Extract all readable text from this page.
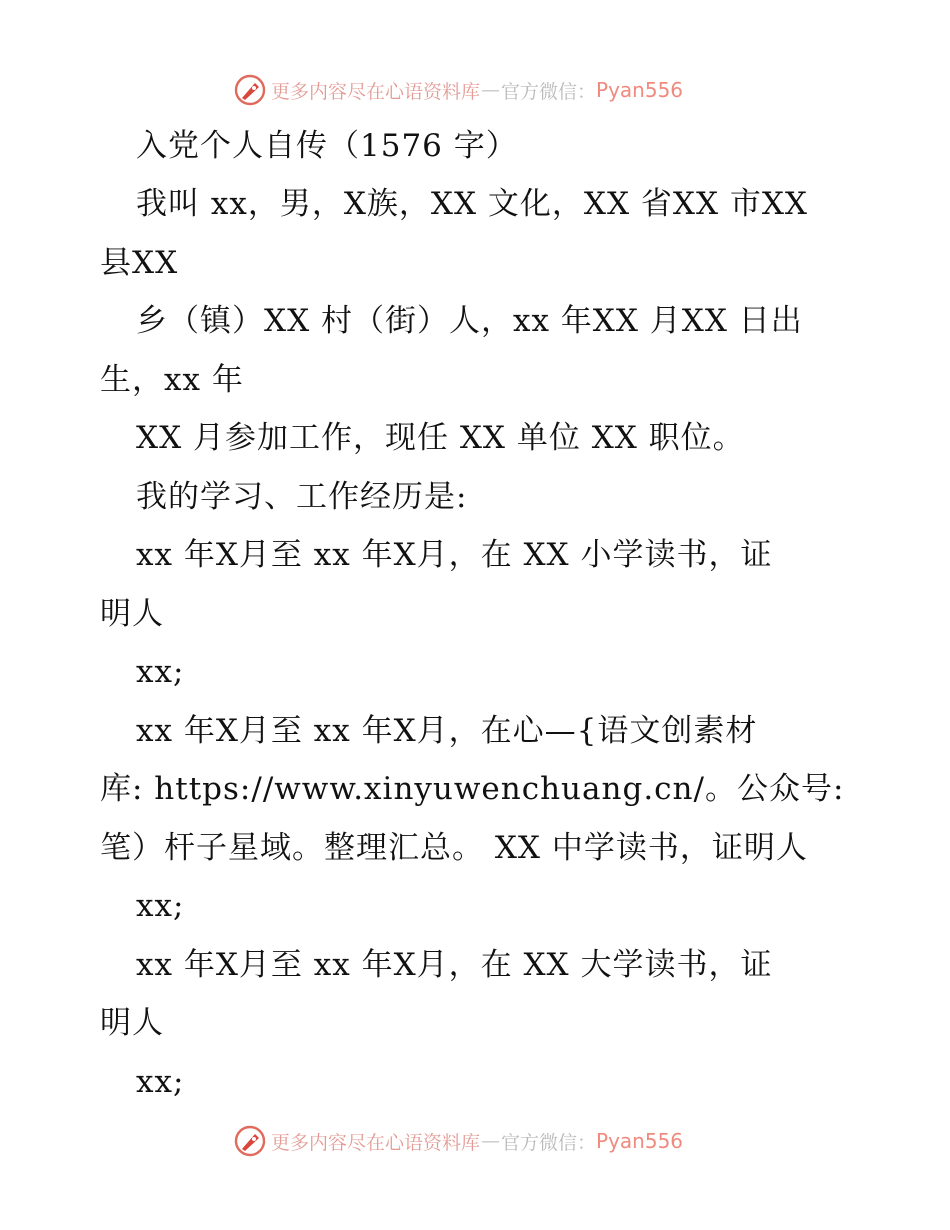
更多内容尽在心语资料库 — 官方微信： Pyan556
入党个人自传（1576 字）
我叫 xx，男，X族，XX 文化，XX 省XX 市XX
县XX
乡（镇）XX 村（街）人，xx 年XX 月XX 日出
生，xx 年
XX 月参加工作，现任 XX 单位 XX 职位。
我的学习、工作经历是:
xx 年X月至 xx 年X月，在 XX 小学读书，证
明人
xx;
xx 年X月至 xx 年X月，在心—{语文创素材
库: https://www.xinyuwenchuang.cn/。公众号:
笔）杆子星域。整理汇总。 XX 中学读书，证明人
xx;
xx 年X月至 xx 年X月，在 XX 大学读书，证
明人
xx;
更多内容尽在心语资料库 — 官方微信： Pyan556
